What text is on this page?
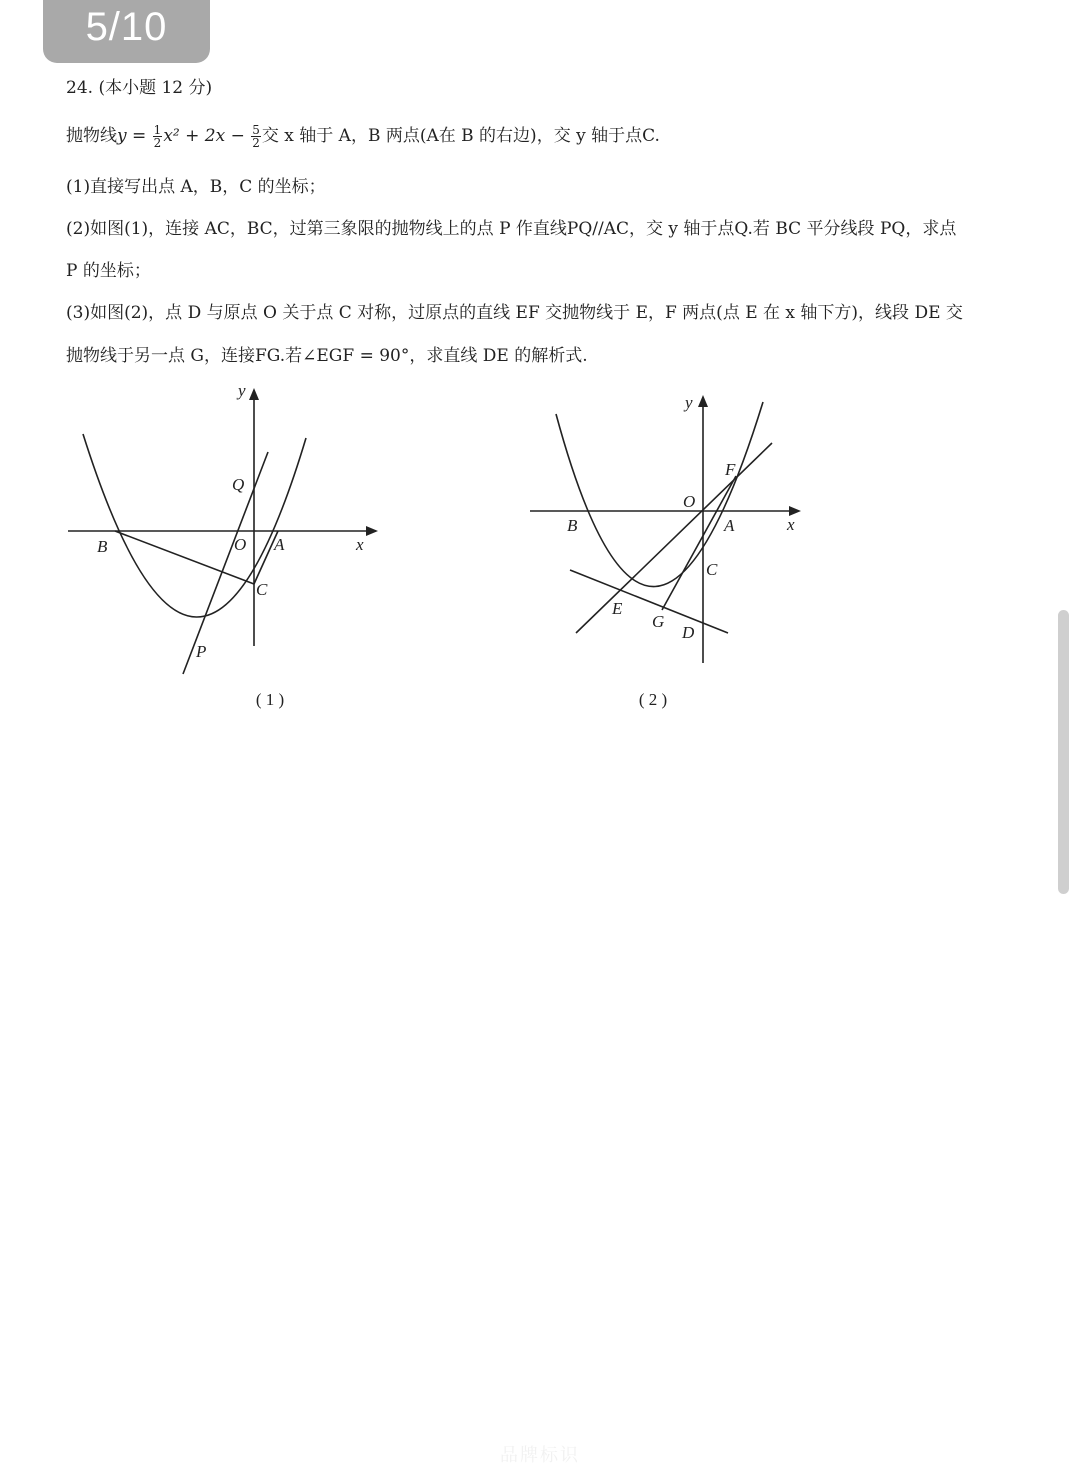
5/10
24. (本小题 12 分)
抛物线$y = \frac{1}{2} x^2 + 2x - \frac{5}{2}$ 交 x 轴于 A，B 两点(A在 B 的右边)，交 y 轴于点C.
(1)直接写出点 A，B，C 的坐标；
(2)如图(1)，连接 AC，BC，过第三象限的抛物线上的点 P 作直线PQ//AC，交 y 轴于点Q.若 BC 平分线段 PQ，求点
P 的坐标；
(3)如图(2)，点 D 与原点 O 关于点 C 对称，过原点的直线 EF 交抛物线于 E，F 两点(点 E 在 x 轴下方)，线段 DE 交
抛物线于另一点 G，连接FG.若∠EGF = 90°，求直线 DE 的解析式.
y
x
Q
B	O A
C
P
( 1 )
y
x
F
O
B	A
C
E
G
D
( 2 )
品牌标识
